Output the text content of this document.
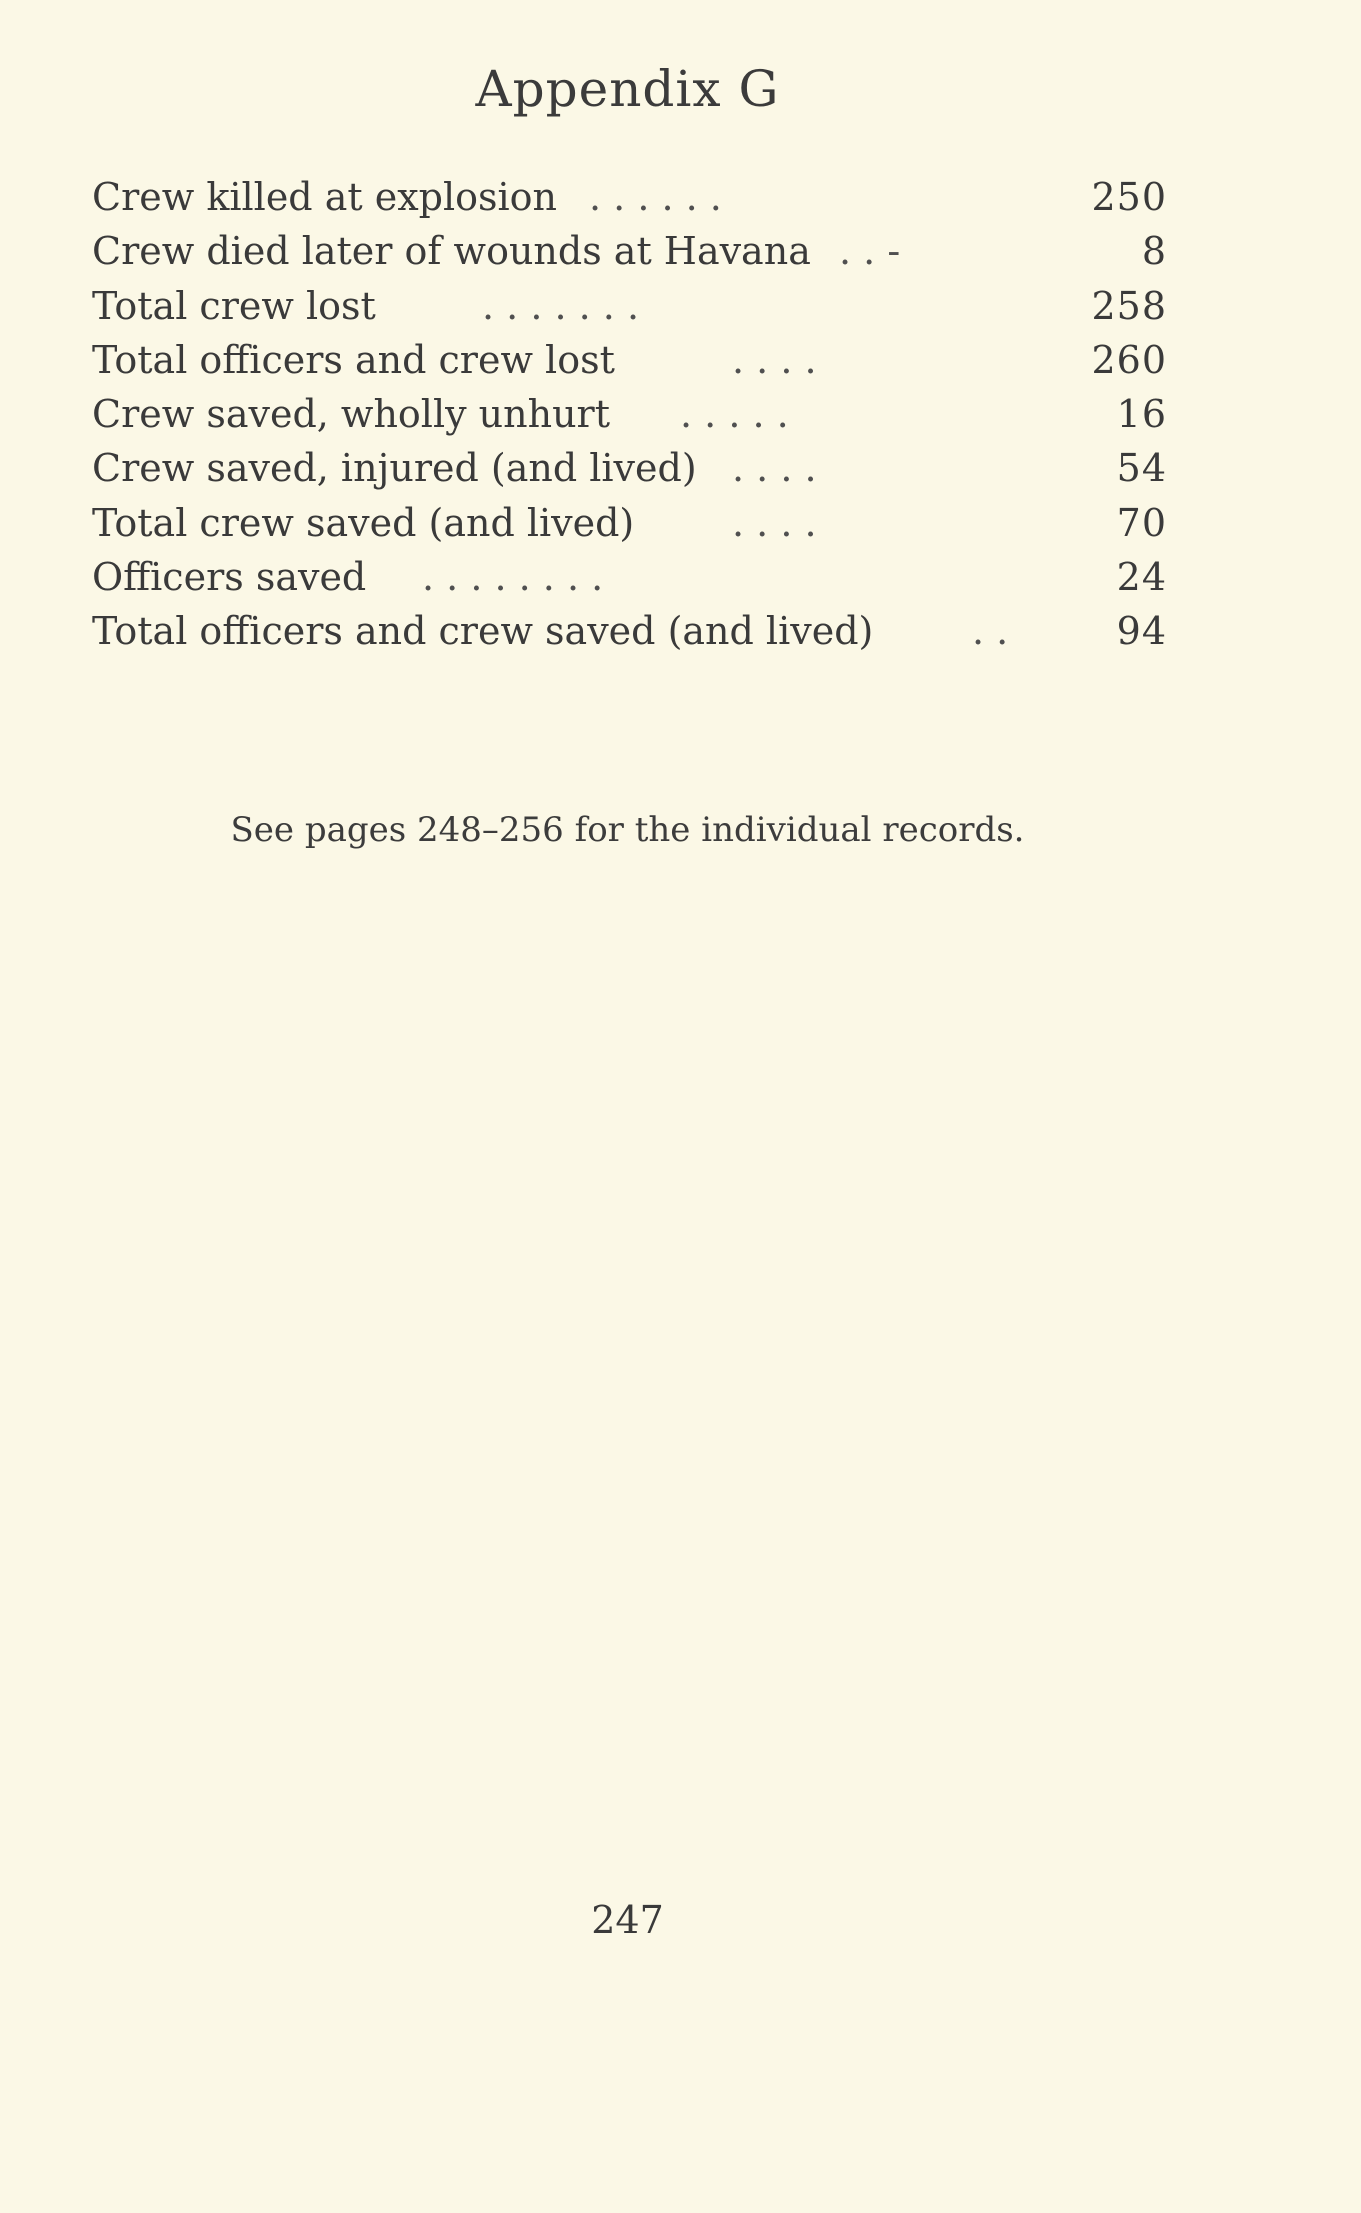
Appendix G
Crew killed at explosion . . . . . .	250
Crew died later of wounds at Havana . . -	8
Total crew lost	. . . . . . .	258
Total officers and crew lost	. . . .	260
Crew saved, wholly unhurt . . . . .	16
Crew saved, injured (and lived) . . . .	54
Total crew saved (and lived)	. . . .	70
Officers saved . . . . . . . .	24
Total officers and crew saved (and lived)	. .	94
See pages 248–256 for the individual records.
247
